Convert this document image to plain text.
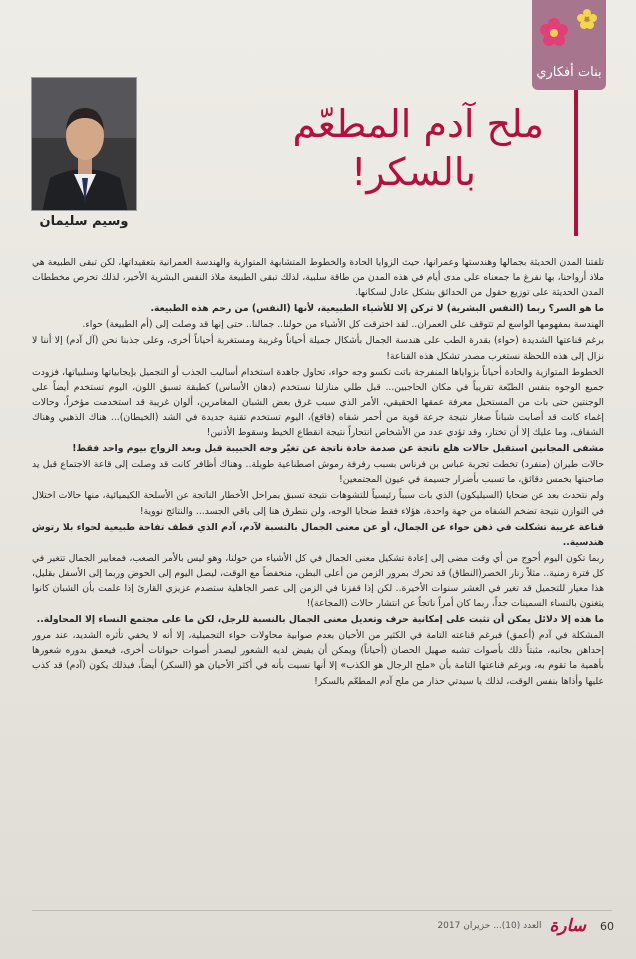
بنات أفكاري
وسيم سليمان
ملح آدم المطعّم
بالسكر!

تلفتنا المدن الحديثة بجمالها وهندستها وعمرانها، حيث الزوايا الحادة والخطوط المتشابهة المتوازية والهندسة العمرانية بتعقيداتها، لكن تبقى الطبيعة هي ملاذ أرواحنا، بها نفرغ ما جمعناه على مدى أيام في هذه المدن من طاقة سلبية، لذلك تبقى الطبيعة ملاذ النفس البشرية الأخير، لذلك تحرص مخططات المدن الحديثة على توزيع حقول من الحدائق بشكل عادل لسكانها.

ما هو السر؟ ربما (النفس البشرية) لا تركن إلا للأشياء الطبيعية، لأنها (النفس) من رحم هذه الطبيعة.

الهندسة بمفهومها الواسع لم تتوقف على العمران.. لقد اخترقت كل الأشياء من حولنا.. جمالنا.. حتى إنها قد وصلت إلى (أم الطبيعة) حواء.

برغم قناعتها الشديدة (حواء) بقدرة الطب على هندسة الجمال بأشكال جميلة أحياناً وغريبة ومستغربة أحياناً أخرى، وعلى جذبنا نحن (آل آدم) إلا أننا لا نزال إلى هذه اللحظة نستغرب مصدر تشكل هذه القناعة!

الخطوط المتوازية والحادة أحياناً بزواياها المنفرجة باتت تكسو وجه حواء، تحاول جاهدة استخدام أساليب الجذب أو التجميل بإيجابياتها وسلبياتها، فزودت جميع الوجوه بنفس الطبّعة تقريباً في مكان الحاجبين... قبل طلي منازلنا نستخدم (دهان الأساس) كطبقة تسبق اللون، اليوم تستخدم أيضاً على الوجنتين حتى بات من المستحيل معرفة عمقها الحقيقي، الأمر الذي سبب غرق بعض الشبان المغامرين، ألوان غريبة قد استخدمت مؤخراً، وحالات إغماء كانت قد أصابت شباناً صغار نتيجة جرعة قوية من أحمر شفاه (فاقع)، اليوم تستخدم تقنية جديدة في الشد (الخيطان)... هناك الذهبي وهناك الشفاف، وما عليك إلا أن تختار، وقد تؤدي عدد من الأشخاص انتحاراً نتيجة انقطاع الخيط وسقوط الأذنين!

مشفى المجانين استقبل حالات هلع ناتجة عن صدمة حادة ناتجة عن تغيّر وجه الحبيبة قبل وبعد الزواج بيوم واحد فقط!

حالات طيران (منفرد) تخطت تجربة عباس بن فرناس بسبب رفرفة رموش اصطناعية طويلة.. وهناك أظافر كانت قد وصلت إلى قاعة الاجتماع قبل يد صاحبتها بخمس دقائق، ما تسبب بأضرار جسيمة في عيون المجتمعين!

ولم نتحدث بعد عن ضحايا (السيليكون) الذي بات سبباً رئيسياً للتشوهات نتيجة تسبق بمراحل الأخطار الناتجة عن الأسلحة الكيميائية، منها حالات اختلال في التوازن نتيجة تضخم الشفاه من جهة واحدة، هؤلاء فقط ضحايا الوجه، ولن نتطرق هنا إلى باقي الجسد... والنتائج نووية!

قناعة غريبة تشكلت في ذهن حواء عن الجمال، أو عن معنى الجمال بالنسبة لآدم، آدم الذي قطف تفاحة طبيعية لحواء بلا رتوش هندسية..

ربما تكون اليوم أحوج من أي وقت مضى إلى إعادة تشكيل معنى الجمال في كل الأشياء من حولنا، وهو ليس بالأمر الصعب، فمعايير الجمال تتغير في كل فترة زمنية.. مثلاً زنار الخصر(النطاق) قد تحرك بمرور الزمن من أعلى البطن، منخفضاً مع الوقت، ليصل اليوم إلى الحوض وربما إلى الأسفل بقليل، هذا معيار للتجميل قد تغير في العشر سنوات الأخيرة.. لكن إذا قفزنا في الزمن إلى عصر الجاهلية ستصدم عزيزي القارئ إذا علمت بأن الشبان كانوا يتغنون بالنساء السمينات جداً، ربما كان أمراً ناتجاً عن انتشار حالات (المجاعة)!

ما هذه إلا دلائل يمكن أن تثبت على إمكانية حرف وتعديل معنى الجمال بالنسبة للرجل، لكن ما على مجتمع النساء إلا المحاولة..

المشكلة في آدم (أعمق) فبرغم قناعته التامة في الكثير من الأحيان بعدم صوابية محاولات حواء التجميلية، إلا أنه لا يخفي تأثره الشديد، عند مرور إحداهن بجانبه، مثبتاً ذلك بأصوات تشبه صهيل الحصان (أحياناً) ويمكن أن يفيض لديه الشعور ليصدر أصوات حيوانات أخرى، فيعمق بدوره شعورها بأهمية ما تقوم به، وبرغم قناعتها التامة بأن «ملح الرجال هو الكذب» إلا أنها نسيت بأنه في أكثر الأحيان هو (السكر) أيضاً، فبذلك يكون (آدم) قد كذب عليها وأذاها بنفس الوقت، لذلك يا سيدتي حذار من ملح آدم المطعّم بالسكر!

العدد (10)... حزيران 2017 سارة 60
